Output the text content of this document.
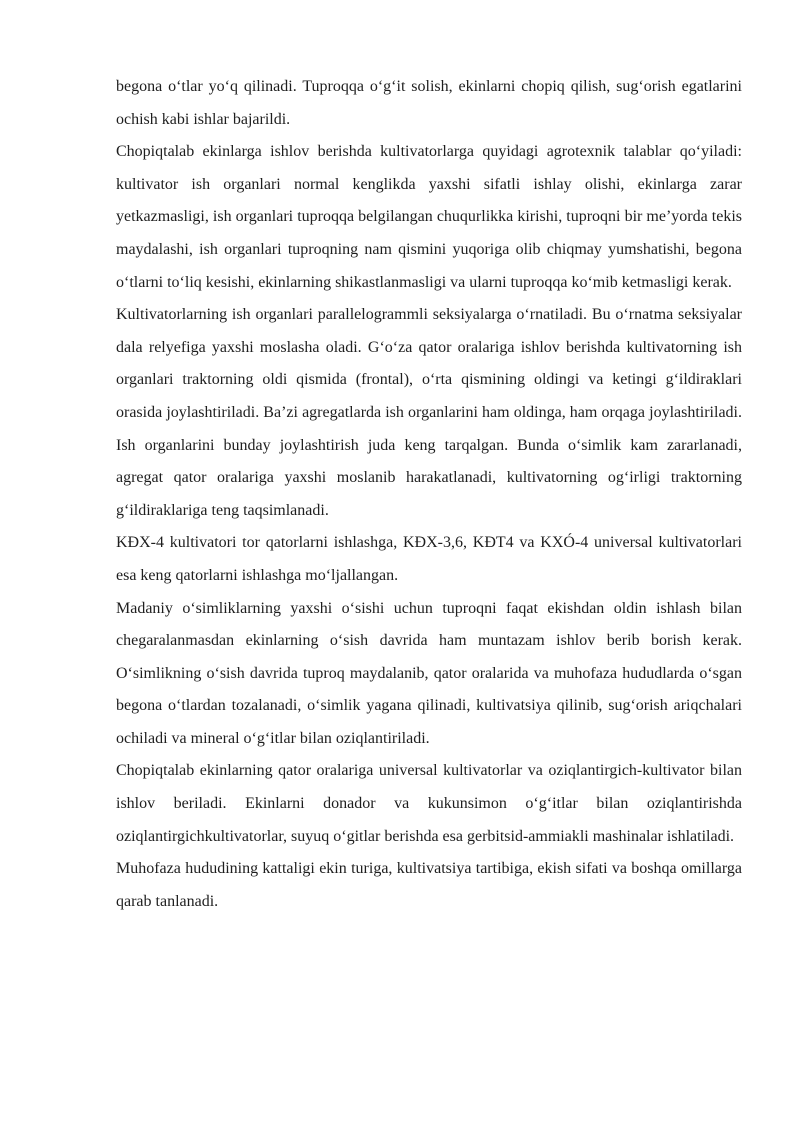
begona o‘tlar yo‘q qilinadi. Tuproqqa o‘g‘it solish, ekinlarni chopiq qilish, sug‘orish egatlarini ochish kabi ishlar bajarildi.

Chopiqtalab ekinlarga ishlov berishda kultivatorlarga quyidagi agrotexnik talablar qo‘yiladi: kultivator ish organlari normal kenglikda yaxshi sifatli ishlay olishi, ekinlarga zarar yetkazmasligi, ish organlari tuproqqa belgilangan chuqurlikka kirishi, tuproqni bir me’yorda tekis maydalashi, ish organlari tuproqning nam qismini yuqoriga olib chiqmay yumshatishi, begona o‘tlarni to‘liq kesishi, ekinlarning shikastlanmasligi va ularni tuproqqa ko‘mib ketmasligi kerak.

Kultivatorlarning ish organlari parallelogrammli seksiyalarga o‘rnatiladi. Bu o‘rnatma seksiyalar dala relyefiga yaxshi moslasha oladi. G‘o‘za qator oralariga ishlov berishda kultivatorning ish organlari traktorning oldi qismida (frontal), o‘rta qismining oldingi va ketingi g‘ildiraklari orasida joylashtiriladi. Ba’zi agregatlarda ish organlarini ham oldinga, ham orqaga joylashtiriladi. Ish organlarini bunday joylashtirish juda keng tarqalgan. Bunda o‘simlik kam zararlanadi, agregat qator oralariga yaxshi moslanib harakatlanadi, kultivatorning og‘irligi traktorning g‘ildiraklariga teng taqsimlanadi.

KĐX-4 kultivatori tor qatorlarni ishlashga, KĐX-3,6, KĐT4 va KXÓ-4 universal kultivatorlari esa keng qatorlarni ishlashga mo‘ljallangan.

Madaniy o‘simliklarning yaxshi o‘sishi uchun tuproqni faqat ekishdan oldin ishlash bilan chegaralanmasdan ekinlarning o‘sish davrida ham muntazam ishlov berib borish kerak. O‘simlikning o‘sish davrida tuproq maydalanib, qator oralarida va muhofaza hududlarda o‘sgan begona o‘tlardan tozalanadi, o‘simlik yagana qilinadi, kultivatsiya qilinib, sug‘orish ariqchalari ochiladi va mineral o‘g‘itlar bilan oziqlantiriladi.

Chopiqtalab ekinlarning qator oralariga universal kultivatorlar va oziqlantirgich-kultivator bilan ishlov beriladi. Ekinlarni donador va kukunsimon o‘g‘itlar bilan oziqlantirishda oziqlantirgichkultivatorlar, suyuq o‘gitlar berishda esa gerbitsid-ammiakli mashinalar ishlatiladi.

Muhofaza hududining kattaligi ekin turiga, kultivatsiya tartibiga, ekish sifati va boshqa omillarga qarab tanlanadi.
